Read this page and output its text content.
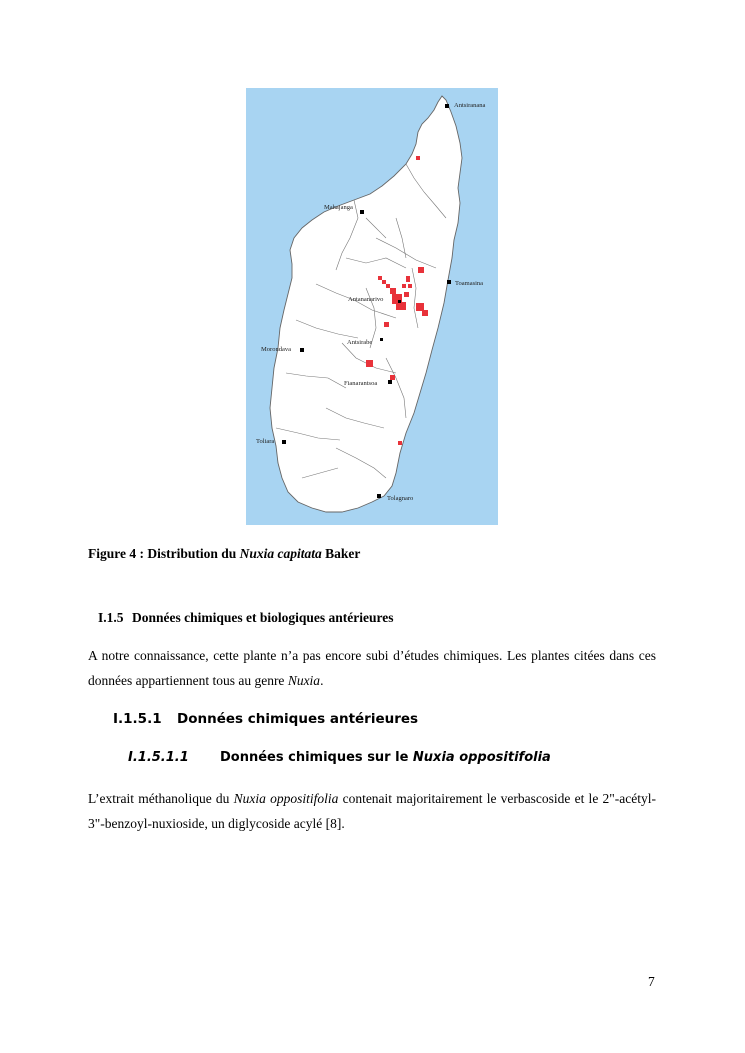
Antsiranana
Mahajanga
Toamasina
Antananarivo
Morondava
Antsirabe
Fianarantsoa
Toliara
Tolagnaro
Figure 4 : Distribution du Nuxia capitata Baker
I.1.5 Données chimiques et biologiques antérieures
A notre connaissance, cette plante n’a pas encore subi d’études chimiques. Les plantes citées dans ces données appartiennent tous au genre Nuxia.
I.1.5.1 Données chimiques antérieures
I.1.5.1.1 Données chimiques sur le Nuxia oppositifolia
L’extrait méthanolique du Nuxia oppositifolia contenait majoritairement le verbascoside et le 2"-acétyl-3"-benzoyl-nuxioside, un diglycoside acylé [8].
7
